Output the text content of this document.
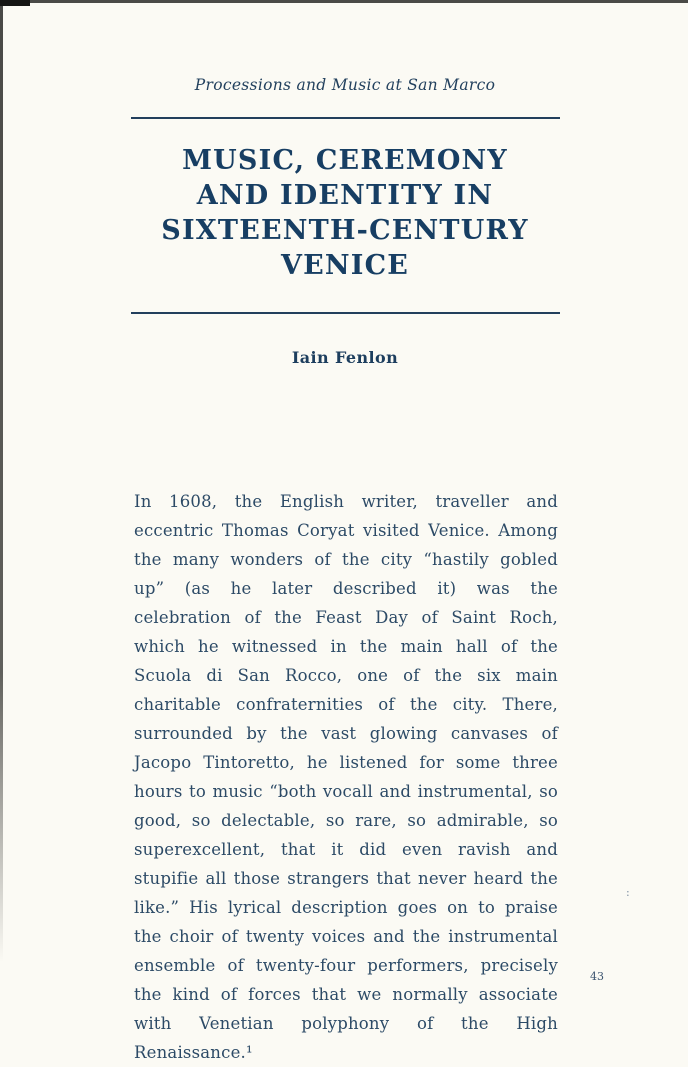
Processions and Music at San Marco
MUSIC, CEREMONY
AND IDENTITY IN
SIXTEENTH-CENTURY
VENICE
Iain Fenlon

In 1608, the English writer, traveller and eccentric Thomas Coryat visited Venice. Among the many wonders of the city “hastily gobled up” (as he later described it) was the celebration of the Feast Day of Saint Roch, which he witnessed in the main hall of the Scuola di San Rocco, one of the six main charitable confraternities of the city. There, surrounded by the vast glowing canvases of Jacopo Tintoretto, he listened for some three hours to music “both vocall and instrumental, so good, so delectable, so rare, so admirable, so superexcellent, that it did even ravish and stupifie all those strangers that never heard the like.” His lyrical description goes on to praise the choir of twenty voices and the instrumental ensemble of twenty-four performers, precisely the kind of forces that we normally associate with Venetian polyphony of the High Renaissance.¹

:
43
